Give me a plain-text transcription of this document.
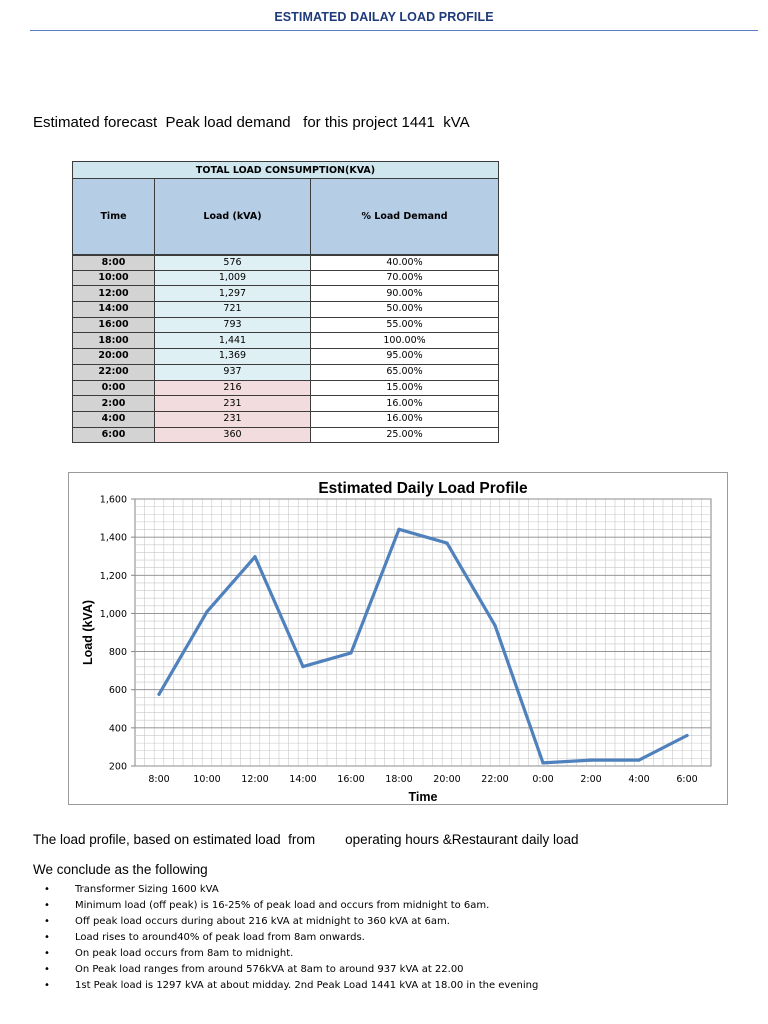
ESTIMATED DAILAY LOAD PROFILE
Estimated forecast  Peak load demand   for this project 1441  kVA
TOTAL LOAD CONSUMPTION(KVA)		
Time	Load (kVA)	% Load Demand
8:00	576	40.00%
10:00	1,009	70.00%
12:00	1,297	90.00%
14:00	721	50.00%
16:00	793	55.00%
18:00	1,441	100.00%
20:00	1,369	95.00%
22:00	937	65.00%
0:00	216	15.00%
2:00	231	16.00%
4:00	231	16.00%
6:00	360	25.00%
200
400
600
800
1,000
1,200
1,400
1,600
8:00 10:00 12:00 14:00 16:00 18:00 20:00 22:00 0:00	2:00	4:00	6:00
Estimated Daily Load Profile
Time
Load (kVA)
The load profile, based on estimated load  from        operating hours &Restaurant daily load
We conclude as the following
•	Transformer Sizing 1600 kVA
•	Minimum load (off peak) is 16-25% of peak load and occurs from midnight to 6am.
•	Off peak load occurs during about 216 kVA at midnight to 360 kVA at 6am.
•	Load rises to around40% of peak load from 8am onwards.
•	On peak load occurs from 8am to midnight.
•	On Peak load ranges from around 576kVA at 8am to around 937 kVA at 22.00
•	1st Peak load is 1297 kVA at about midday. 2nd Peak Load 1441 kVA at 18.00 in the evening
